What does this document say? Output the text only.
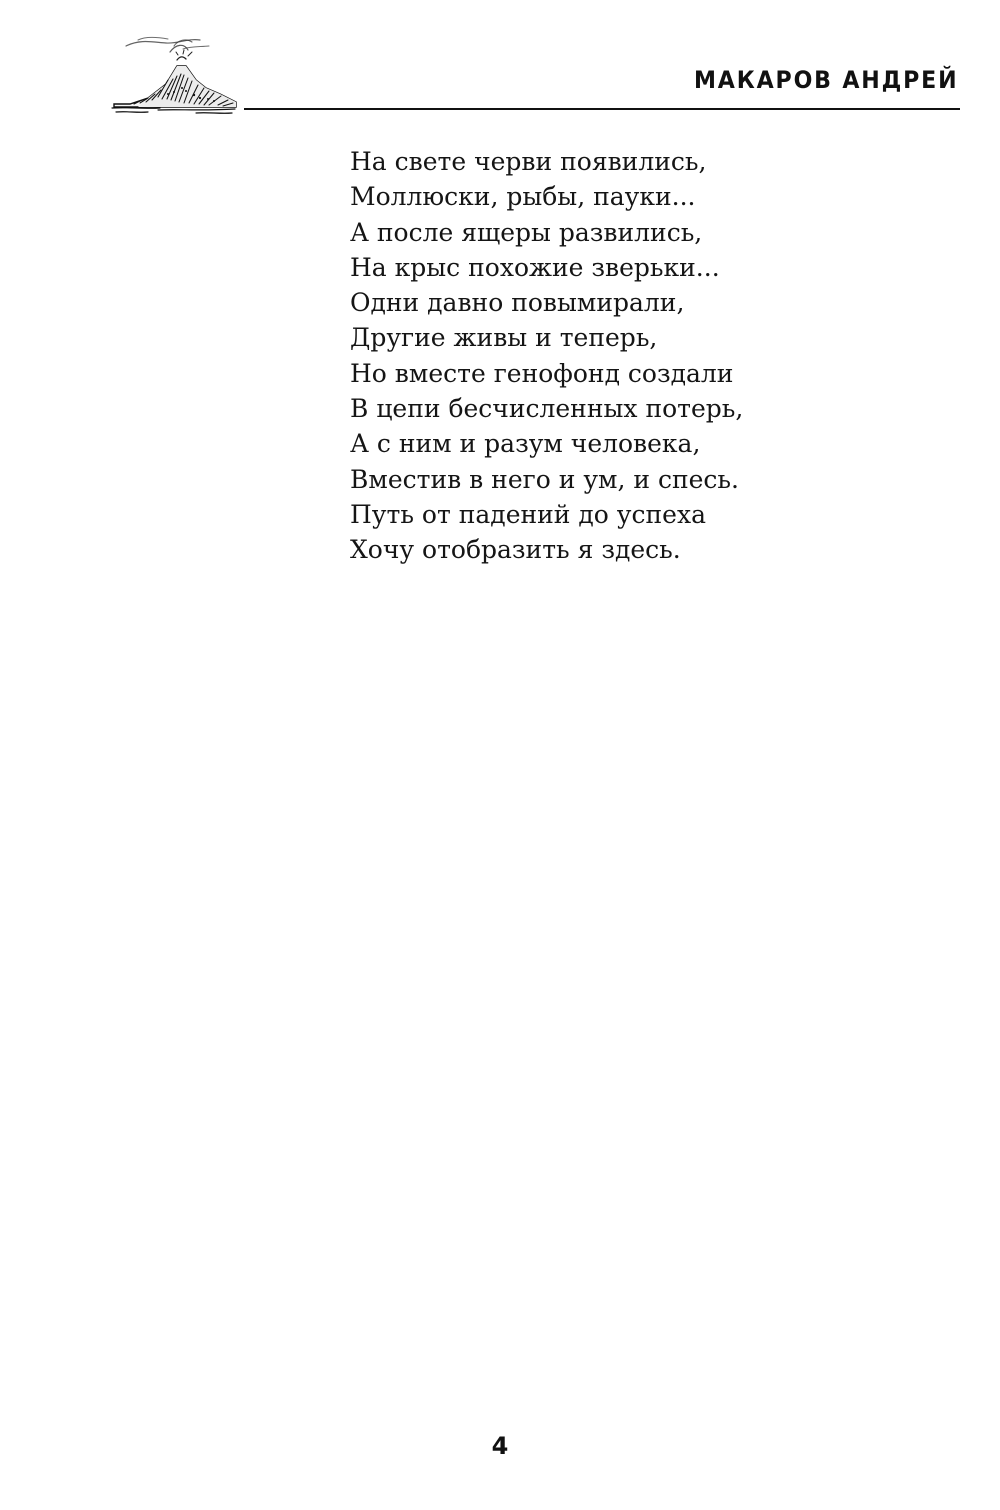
МАКАРОВ АНДРЕЙ
На свете черви появились,
Моллюски, рыбы, пауки...
А после ящеры развились,
На крыс похожие зверьки...
Одни давно повымирали,
Другие живы и теперь,
Но вместе генофонд создали
В цепи бесчисленных потерь,
А с ним и разум человека,
Вместив в него и ум, и спесь.
Путь от падений до успеха
Хочу отобразить я здесь.
4
